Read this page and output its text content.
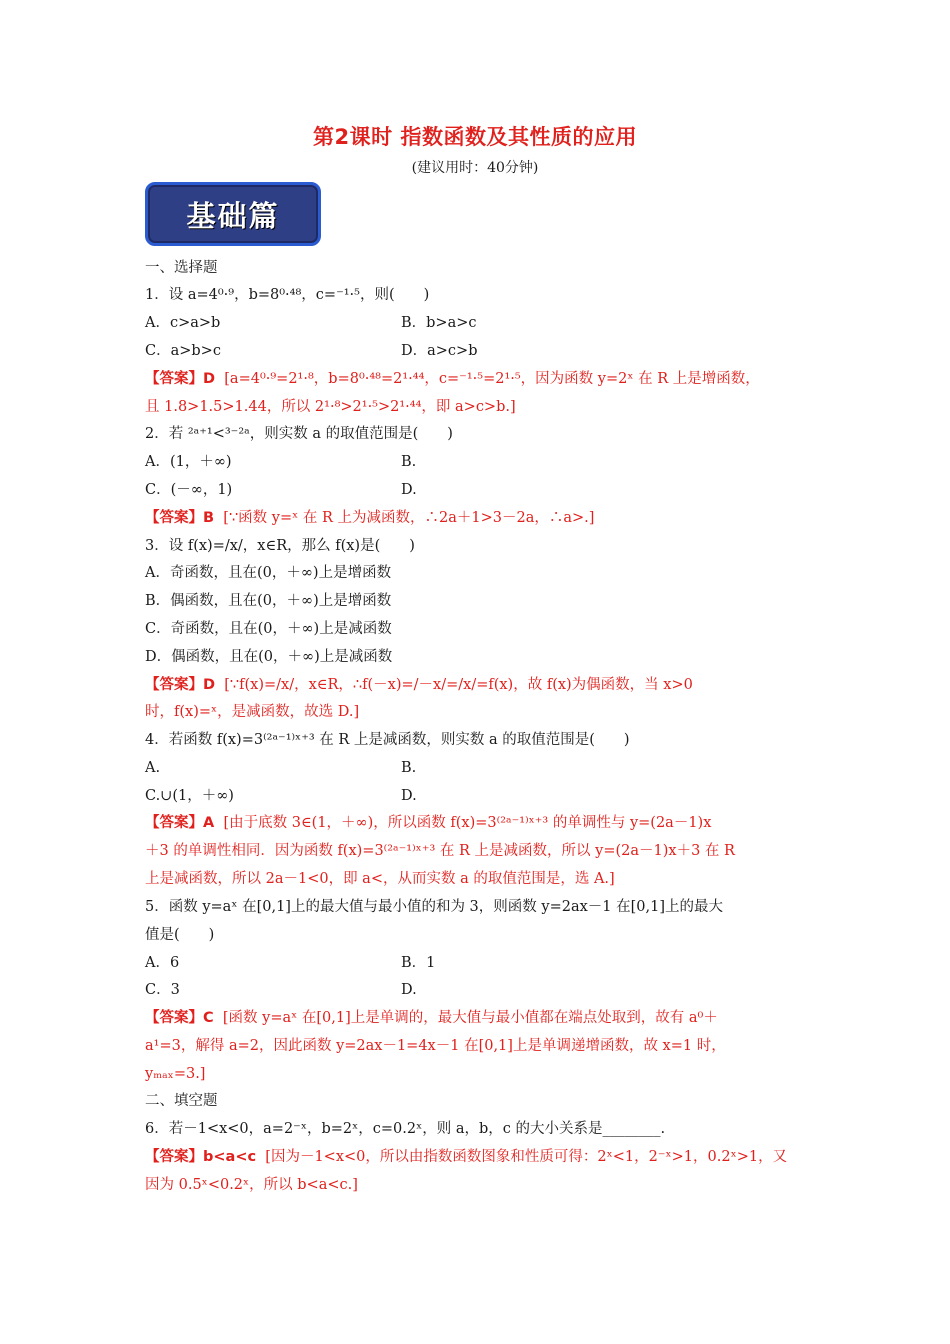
第2课时 指数函数及其性质的应用
(建议用时：40分钟)
基础篇
一、选择题
1．设 a=4⁰·⁹，b=8⁰·⁴⁸，c=⁻¹·⁵，则(　　)
A．c>a>b	B．b>a>c
C．a>b>c	D．a>c>b
【答案】D [a=4⁰·⁹=2¹·⁸，b=8⁰·⁴⁸=2¹·⁴⁴，c=⁻¹·⁵=2¹·⁵，因为函数 y=2ˣ 在 R 上是增函数，
且 1.8>1.5>1.44，所以 2¹·⁸>2¹·⁵>2¹·⁴⁴，即 a>c>b.]
2．若 ²ᵃ⁺¹<³⁻²ᵃ，则实数 a 的取值范围是(　　)
A．(1，＋∞)	B.
C．(－∞，1)	D.
【答案】B [∵函数 y=ˣ 在 R 上为减函数，∴2a＋1>3－2a，∴a>.]
3．设 f(x)=/x/，x∈R，那么 f(x)是(　　)
A．奇函数，且在(0，＋∞)上是增函数
B．偶函数，且在(0，＋∞)上是增函数
C．奇函数，且在(0，＋∞)上是减函数
D．偶函数，且在(0，＋∞)上是减函数
【答案】D [∵f(x)=/x/，x∈R，∴f(－x)=/－x/=/x/=f(x)，故 f(x)为偶函数，当 x>0
时，f(x)=ˣ，是减函数，故选 D.]
4．若函数 f(x)=3⁽²ᵃ⁻¹⁾ˣ⁺³ 在 R 上是减函数，则实数 a 的取值范围是(　　)
A.	B.
C.∪(1，＋∞)	D.
【答案】A [由于底数 3∈(1，＋∞)，所以函数 f(x)=3⁽²ᵃ⁻¹⁾ˣ⁺³ 的单调性与 y=(2a－1)x
＋3 的单调性相同．因为函数 f(x)=3⁽²ᵃ⁻¹⁾ˣ⁺³ 在 R 上是减函数，所以 y=(2a－1)x＋3 在 R
上是减函数，所以 2a－1<0，即 a<，从而实数 a 的取值范围是，选 A.]
5．函数 y=aˣ 在[0,1]上的最大值与最小值的和为 3，则函数 y=2ax－1 在[0,1]上的最大
值是(　　)
A．6	B．1
C．3	D.
【答案】C [函数 y=aˣ 在[0,1]上是单调的，最大值与最小值都在端点处取到，故有 a⁰＋
a¹=3，解得 a=2，因此函数 y=2ax－1=4x－1 在[0,1]上是单调递增函数，故 x=1 时，
yₘₐₓ=3.]
二、填空题
6．若－1<x<0，a=2⁻ˣ，b=2ˣ，c=0.2ˣ，则 a，b，c 的大小关系是________.
【答案】b<a<c [因为－1<x<0，所以由指数函数图象和性质可得：2ˣ<1，2⁻ˣ>1，0.2ˣ>1，又
因为 0.5ˣ<0.2ˣ，所以 b<a<c.]
